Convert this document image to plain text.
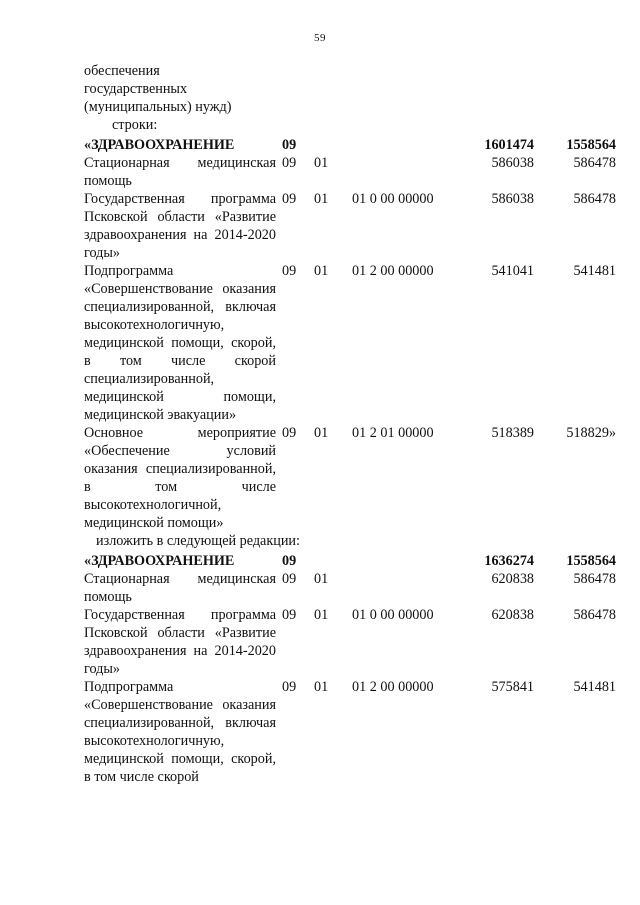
59
обеспечения
государственных
(муниципальных) нужд)
строки:
«ЗДРАВООХРАНЕНИЕ	09			1601474	1558564
Стационарная медицинская помощь	09	01		586038	586478
Государственная программа Псковской области «Развитие здравоохранения на 2014-2020 годы»	09	01	01 0 00 00000	586038	586478
Подпрограмма «Совершенствование оказания специализированной, включая высокотехнологичную, медицинской помощи, скорой, в том числе скорой специализированной, медицинской помощи, медицинской эвакуации»	09	01	01 2 00 00000	541041	541481
Основное мероприятие «Обеспечение условий оказания специализированной, в том числе высокотехнологичной, медицинской помощи»	09	01	01 2 01 00000	518389	518829»
изложить в следующей редакции:
«ЗДРАВООХРАНЕНИЕ	09			1636274	1558564
Стационарная медицинская помощь	09	01		620838	586478
Государственная программа Псковской области «Развитие здравоохранения на 2014-2020 годы»	09	01	01 0 00 00000	620838	586478
Подпрограмма «Совершенствование оказания специализированной, включая высокотехнологичную, медицинской помощи, скорой, в том числе скорой	09	01	01 2 00 00000	575841	541481
